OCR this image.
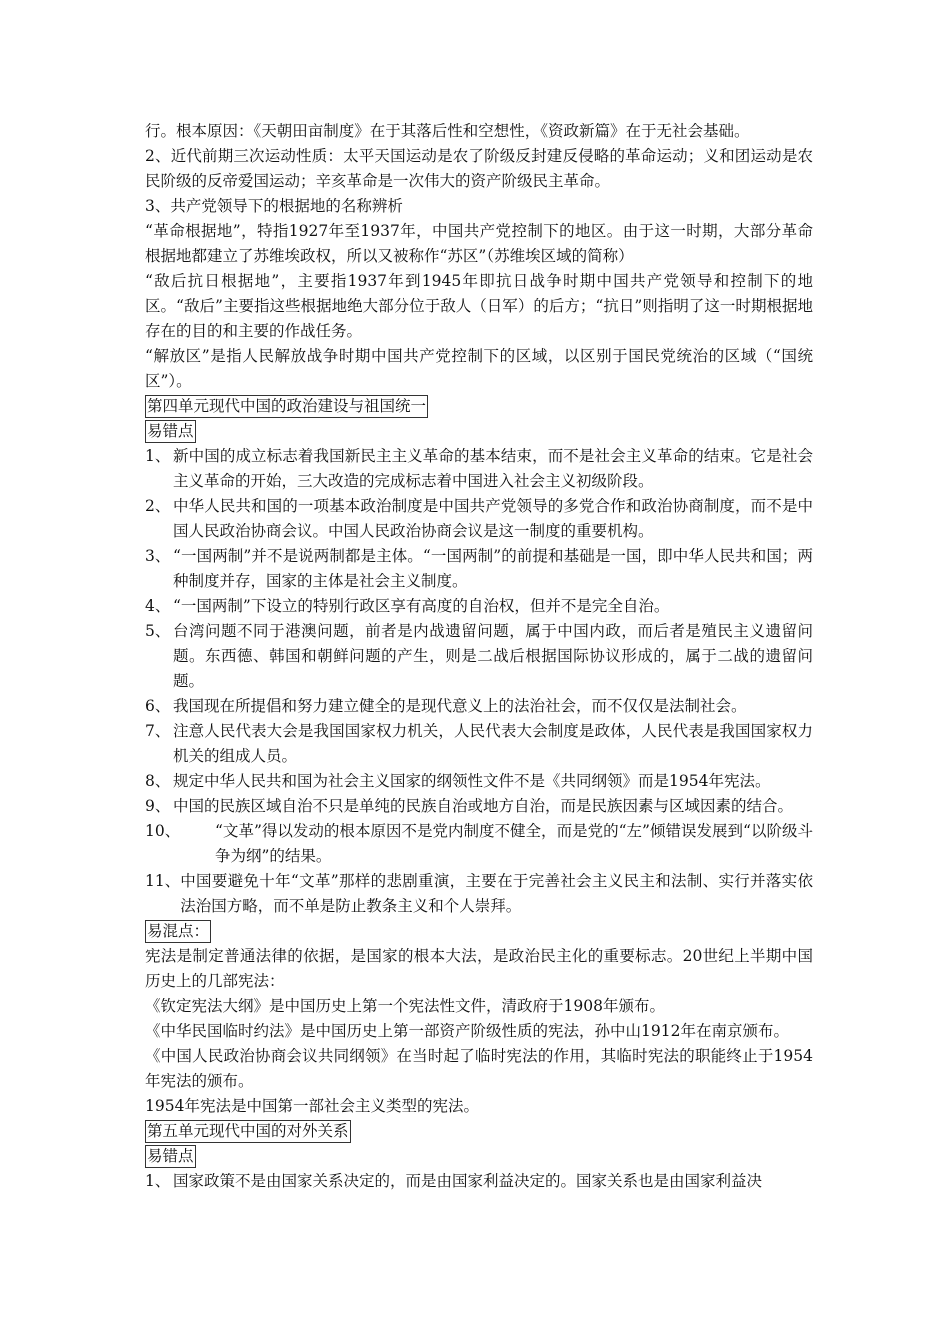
行。根本原因：《天朝田亩制度》在于其落后性和空想性，《资政新篇》在于无社会基础。

2、近代前期三次运动性质：太平天国运动是农了阶级反封建反侵略的革命运动；义和团运动是农民阶级的反帝爱国运动；辛亥革命是一次伟大的资产阶级民主革命。

3、共产党领导下的根据地的名称辨析

“革命根据地”，特指1927年至1937年，中国共产党控制下的地区。由于这一时期，大部分革命根据地都建立了苏维埃政权，所以又被称作“苏区”（苏维埃区域的简称）

“敌后抗日根据地”，主要指1937年到1945年即抗日战争时期中国共产党领导和控制下的地区。“敌后”主要指这些根据地绝大部分位于敌人（日军）的后方；“抗日”则指明了这一时期根据地存在的目的和主要的作战任务。

“解放区”是指人民解放战争时期中国共产党控制下的区域，以区别于国民党统治的区域（“国统区”）。

第四单元现代中国的政治建设与祖国统一
易错点
1、 新中国的成立标志着我国新民主主义革命的基本结束，而不是社会主义革命的结束。它是社会主义革命的开始，三大改造的完成标志着中国进入社会主义初级阶段。
2、 中华人民共和国的一项基本政治制度是中国共产党领导的多党合作和政治协商制度，而不是中国人民政治协商会议。中国人民政治协商会议是这一制度的重要机构。
3、 “一国两制”并不是说两制都是主体。“一国两制”的前提和基础是一国，即中华人民共和国；两种制度并存，国家的主体是社会主义制度。
4、 “一国两制”下设立的特别行政区享有高度的自治权，但并不是完全自治。
5、 台湾问题不同于港澳问题，前者是内战遗留问题，属于中国内政，而后者是殖民主义遗留问题。东西德、韩国和朝鲜问题的产生，则是二战后根据国际协议形成的，属于二战的遗留问题。
6、 我国现在所提倡和努力建立健全的是现代意义上的法治社会，而不仅仅是法制社会。
7、 注意人民代表大会是我国国家权力机关，人民代表大会制度是政体，人民代表是我国国家权力机关的组成人员。
8、 规定中华人民共和国为社会主义国家的纲领性文件不是《共同纲领》而是1954年宪法。
9、 中国的民族区域自治不只是单纯的民族自治或地方自治，而是民族因素与区域因素的结合。
10、	“文革”得以发动的根本原因不是党内制度不健全，而是党的“左”倾错误发展到“以阶级斗争为纲”的结果。
11、 中国要避免十年“文革”那样的悲剧重演，主要在于完善社会主义民主和法制、实行并落实依法治国方略，而不单是防止教条主义和个人崇拜。
易混点：

宪法是制定普通法律的依据，是国家的根本大法，是政治民主化的重要标志。20世纪上半期中国历史上的几部宪法：

《钦定宪法大纲》是中国历史上第一个宪法性文件，清政府于1908年颁布。

《中华民国临时约法》是中国历史上第一部资产阶级性质的宪法，孙中山1912年在南京颁布。

《中国人民政治协商会议共同纲领》在当时起了临时宪法的作用，其临时宪法的职能终止于1954年宪法的颁布。

1954年宪法是中国第一部社会主义类型的宪法。

第五单元现代中国的对外关系
易错点
1、 国家政策不是由国家关系决定的，而是由国家利益决定的。国家关系也是由国家利益决
